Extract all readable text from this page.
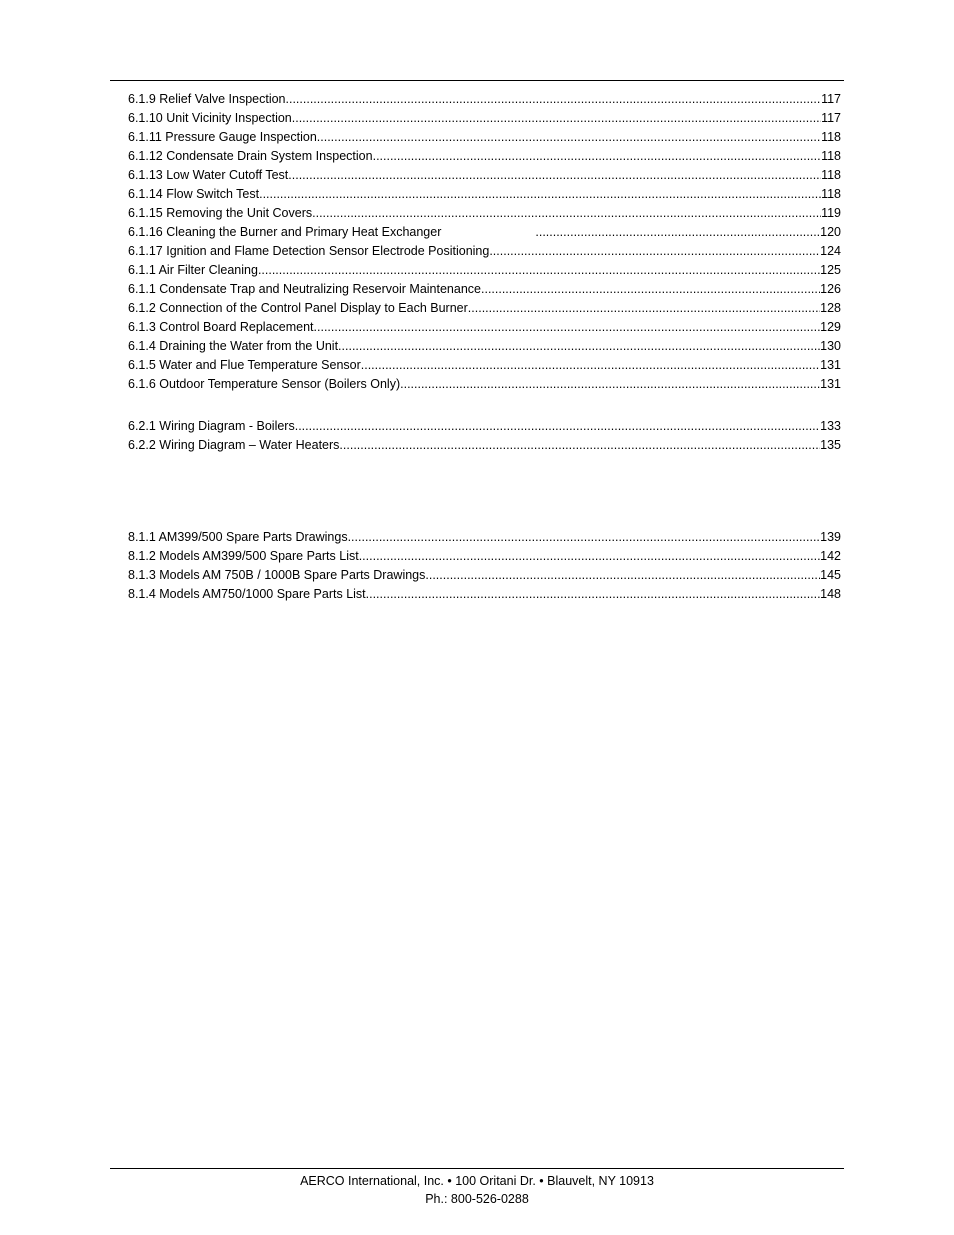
6.1.9 Relief Valve Inspection .....	117
6.1.10 Unit Vicinity Inspection .....	117
6.1.11 Pressure Gauge Inspection .....	118
6.1.12 Condensate Drain System Inspection .....	118
6.1.13 Low Water Cutoff Test .....	118
6.1.14 Flow Switch Test .....	118
6.1.15 Removing the Unit Covers .....	119
6.1.16 Cleaning the Burner and Primary Heat Exchanger .....	120
6.1.17 Ignition and Flame Detection Sensor Electrode Positioning .....	124
6.1.1 Air Filter Cleaning .....	125
6.1.1 Condensate Trap and Neutralizing Reservoir Maintenance .....	126
6.1.2 Connection of the Control Panel Display to Each Burner .....	128
6.1.3 Control Board Replacement .....	129
6.1.4 Draining the Water from the Unit .....	130
6.1.5 Water and Flue Temperature Sensor .....	131
6.1.6 Outdoor Temperature Sensor (Boilers Only) .....	131
6.2.1 Wiring Diagram - Boilers .....	133
6.2.2 Wiring Diagram – Water Heaters .....	135
8.1.1 AM399/500 Spare Parts Drawings .....	139
8.1.2 Models AM399/500 Spare Parts List .....	142
8.1.3 Models AM 750B / 1000B Spare Parts Drawings .....	145
8.1.4 Models AM750/1000 Spare Parts List .....	148
AERCO International, Inc. • 100 Oritani Dr. • Blauvelt, NY 10913
Ph.: 800-526-0288
